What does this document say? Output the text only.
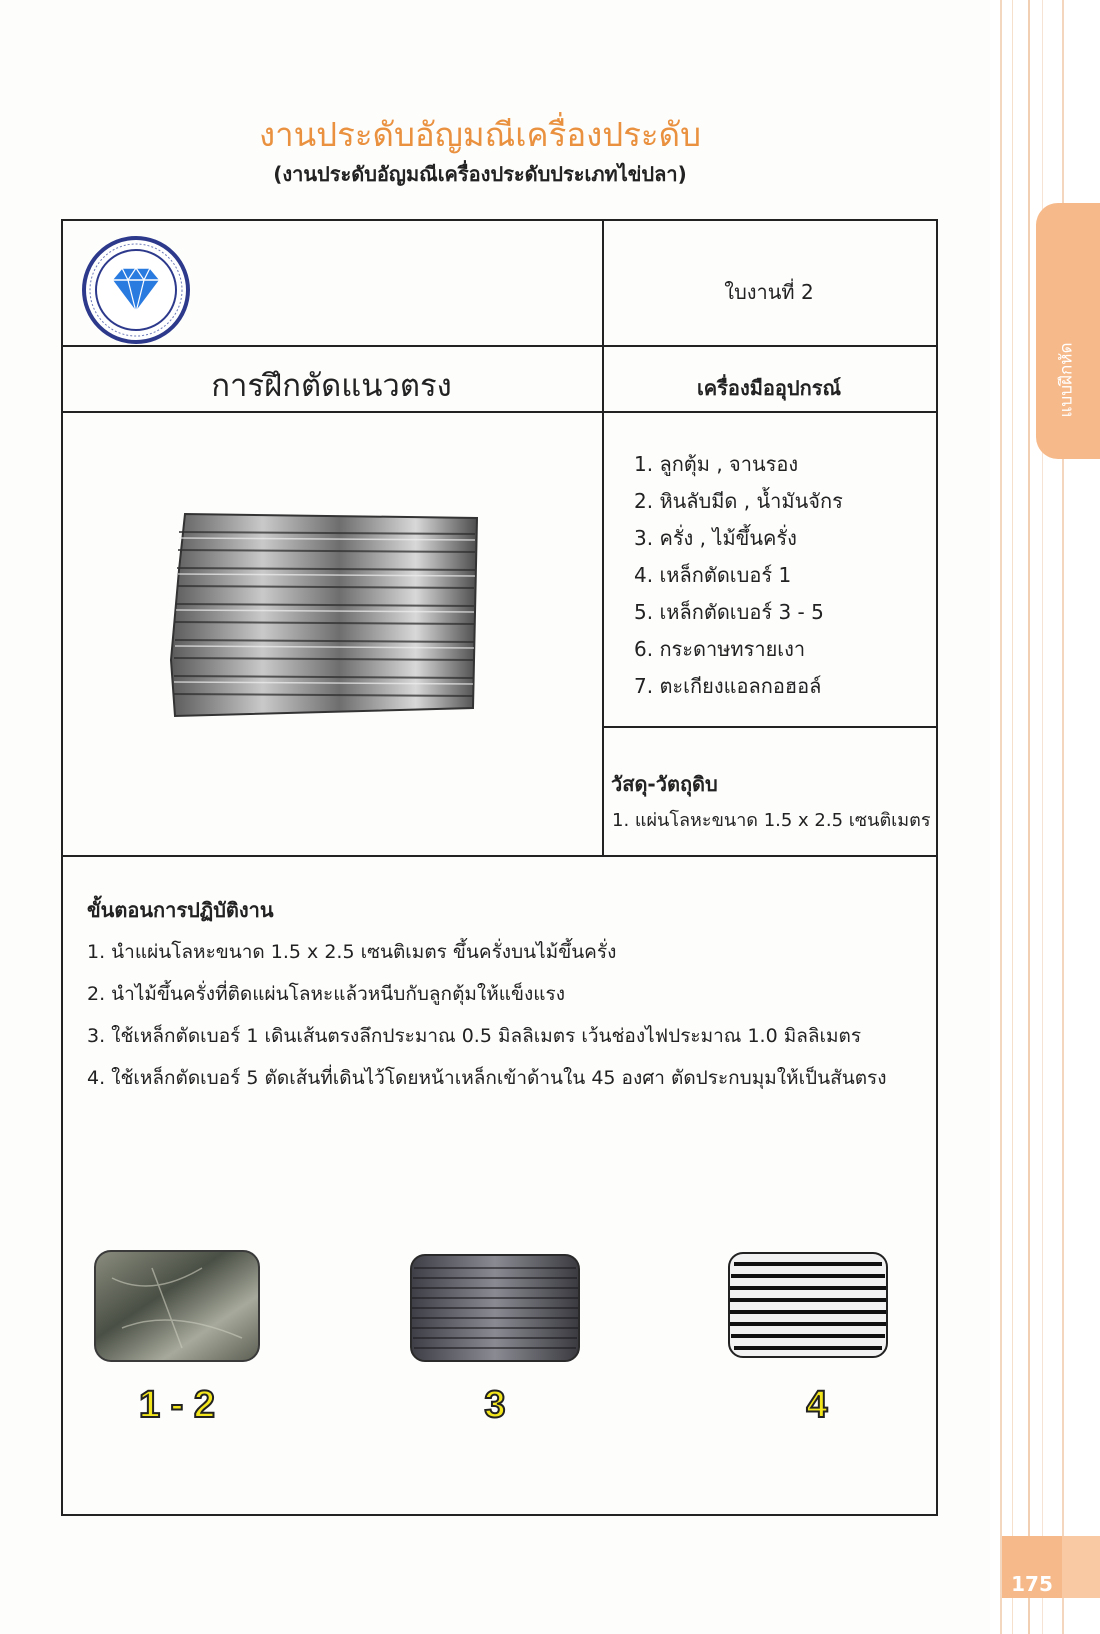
แบบฝึกหัด
175
งานประดับอัญมณีเครื่องประดับ
(งานประดับอัญมณีเครื่องประดับประเภทไข่ปลา)
ใบงานที่ 2
การฝึกตัดแนวตรง	เครื่องมืออุปกรณ์
1. ลูกตุ้ม , จานรอง
2. หินลับมีด , น้ำมันจักร
3. ครั่ง , ไม้ขึ้นครั่ง
4. เหล็กตัดเบอร์ 1
5. เหล็กตัดเบอร์ 3 - 5
6. กระดาษทรายเงา
7. ตะเกียงแอลกอฮอล์
วัสดุ-วัตถุดิบ
1. แผ่นโลหะขนาด 1.5 x 2.5 เซนติเมตร
ขั้นตอนการปฏิบัติงาน
1. นำแผ่นโลหะขนาด 1.5 x 2.5 เซนติเมตร ขึ้นครั่งบนไม้ขึ้นครั่ง
2. นำไม้ขึ้นครั่งที่ติดแผ่นโลหะแล้วหนีบกับลูกตุ้มให้แข็งแรง
3. ใช้เหล็กตัดเบอร์ 1 เดินเส้นตรงลึกประมาณ 0.5 มิลลิเมตร เว้นช่องไฟประมาณ 1.0 มิลลิเมตร
4. ใช้เหล็กตัดเบอร์ 5 ตัดเส้นที่เดินไว้โดยหน้าเหล็กเข้าด้านใน 45 องศา ตัดประกบมุมให้เป็นสันตรง
1 - 2	3	4
